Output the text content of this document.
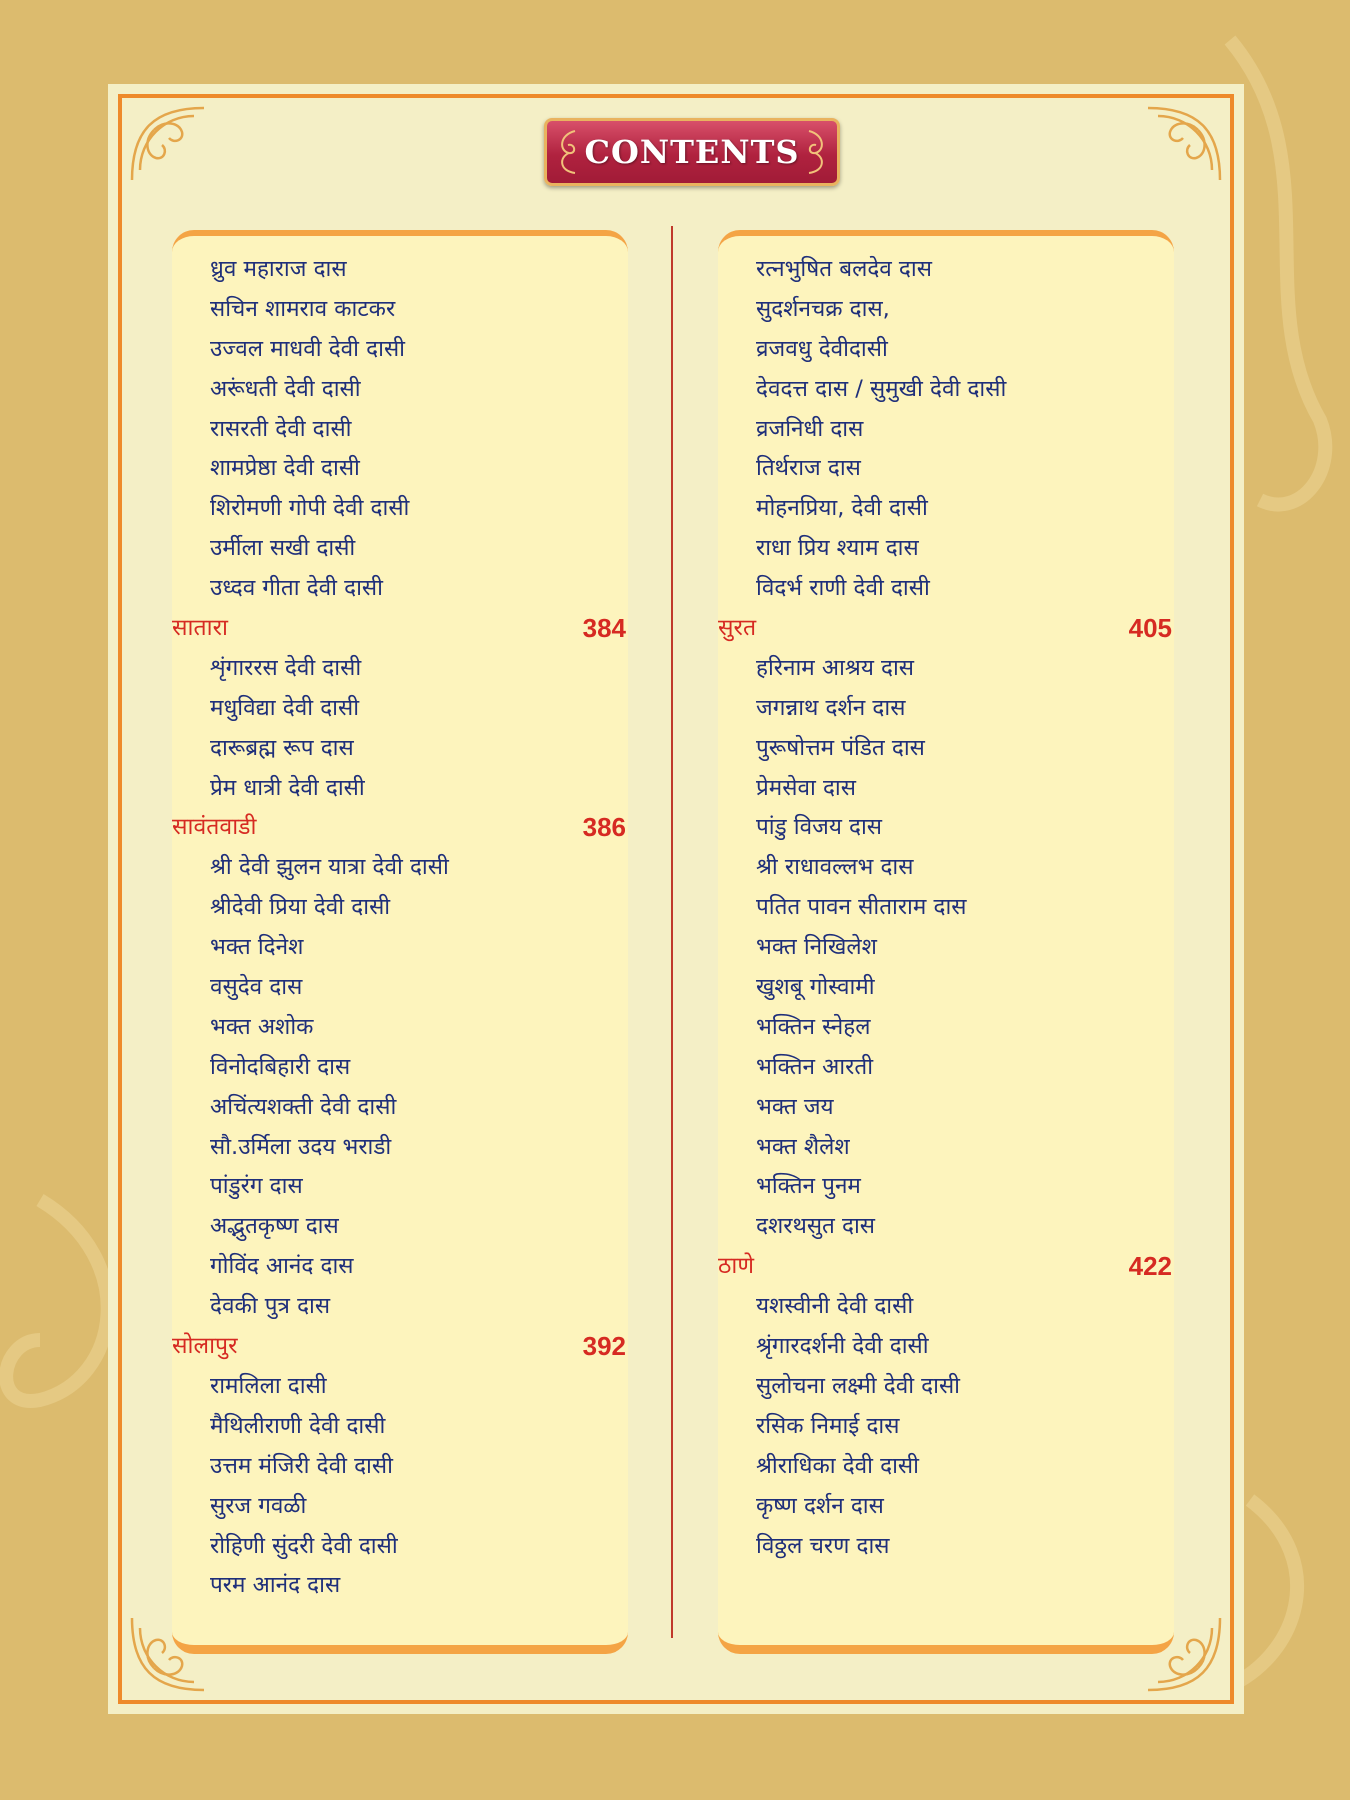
CONTENTS
ध्रुव महाराज दास
सचिन शामराव काटकर
उज्वल माधवी देवी दासी
अरूंधती देवी दासी
रासरती देवी दासी
शामप्रेष्ठा देवी दासी
शिरोमणी गोपी देवी दासी
उर्मीला सखी दासी
उध्दव गीता देवी दासी
सातारा	384
शृंगाररस देवी दासी
मधुविद्या देवी दासी
दारूब्रह्म रूप दास
प्रेम धात्री देवी दासी
सावंतवाडी	386
श्री देवी झुलन यात्रा देवी दासी
श्रीदेवी प्रिया देवी दासी
भक्त दिनेश
वसुदेव दास
भक्त अशोक
विनोदबिहारी दास
अचिंत्यशक्ती देवी दासी
सौ.उर्मिला उदय भराडी
पांडुरंग दास
अद्भुतकृष्ण दास
गोविंद आनंद दास
देवकी पुत्र दास
सोलापुर	392
रामलिला दासी
मैथिलीराणी देवी दासी
उत्तम मंजिरी देवी दासी
सुरज गवळी
रोहिणी सुंदरी देवी दासी
परम आनंद दास
रत्नभुषित बलदेव दास
सुदर्शनचक्र दास,
व्रजवधु देवीदासी
देवदत्त दास / सुमुखी देवी दासी
व्रजनिधी दास
तिर्थराज दास
मोहनप्रिया, देवी दासी
राधा प्रिय श्याम दास
विदर्भ राणी देवी दासी
सुरत	405
हरिनाम आश्रय दास
जगन्नाथ दर्शन दास
पुरूषोत्तम पंडित दास
प्रेमसेवा दास
पांडु विजय दास
श्री राधावल्लभ दास
पतित पावन सीताराम दास
भक्त निखिलेश
खुशबू गोस्वामी
भक्तिन स्नेहल
भक्तिन आरती
भक्त जय
भक्त शैलेश
भक्तिन पुनम
दशरथसुत दास
ठाणे	422
यशस्वीनी देवी दासी
श्रृंगारदर्शनी देवी दासी
सुलोचना लक्ष्मी देवी दासी
रसिक निमाई दास
श्रीराधिका देवी दासी
कृष्ण दर्शन दास
विठ्ठल चरण दास
